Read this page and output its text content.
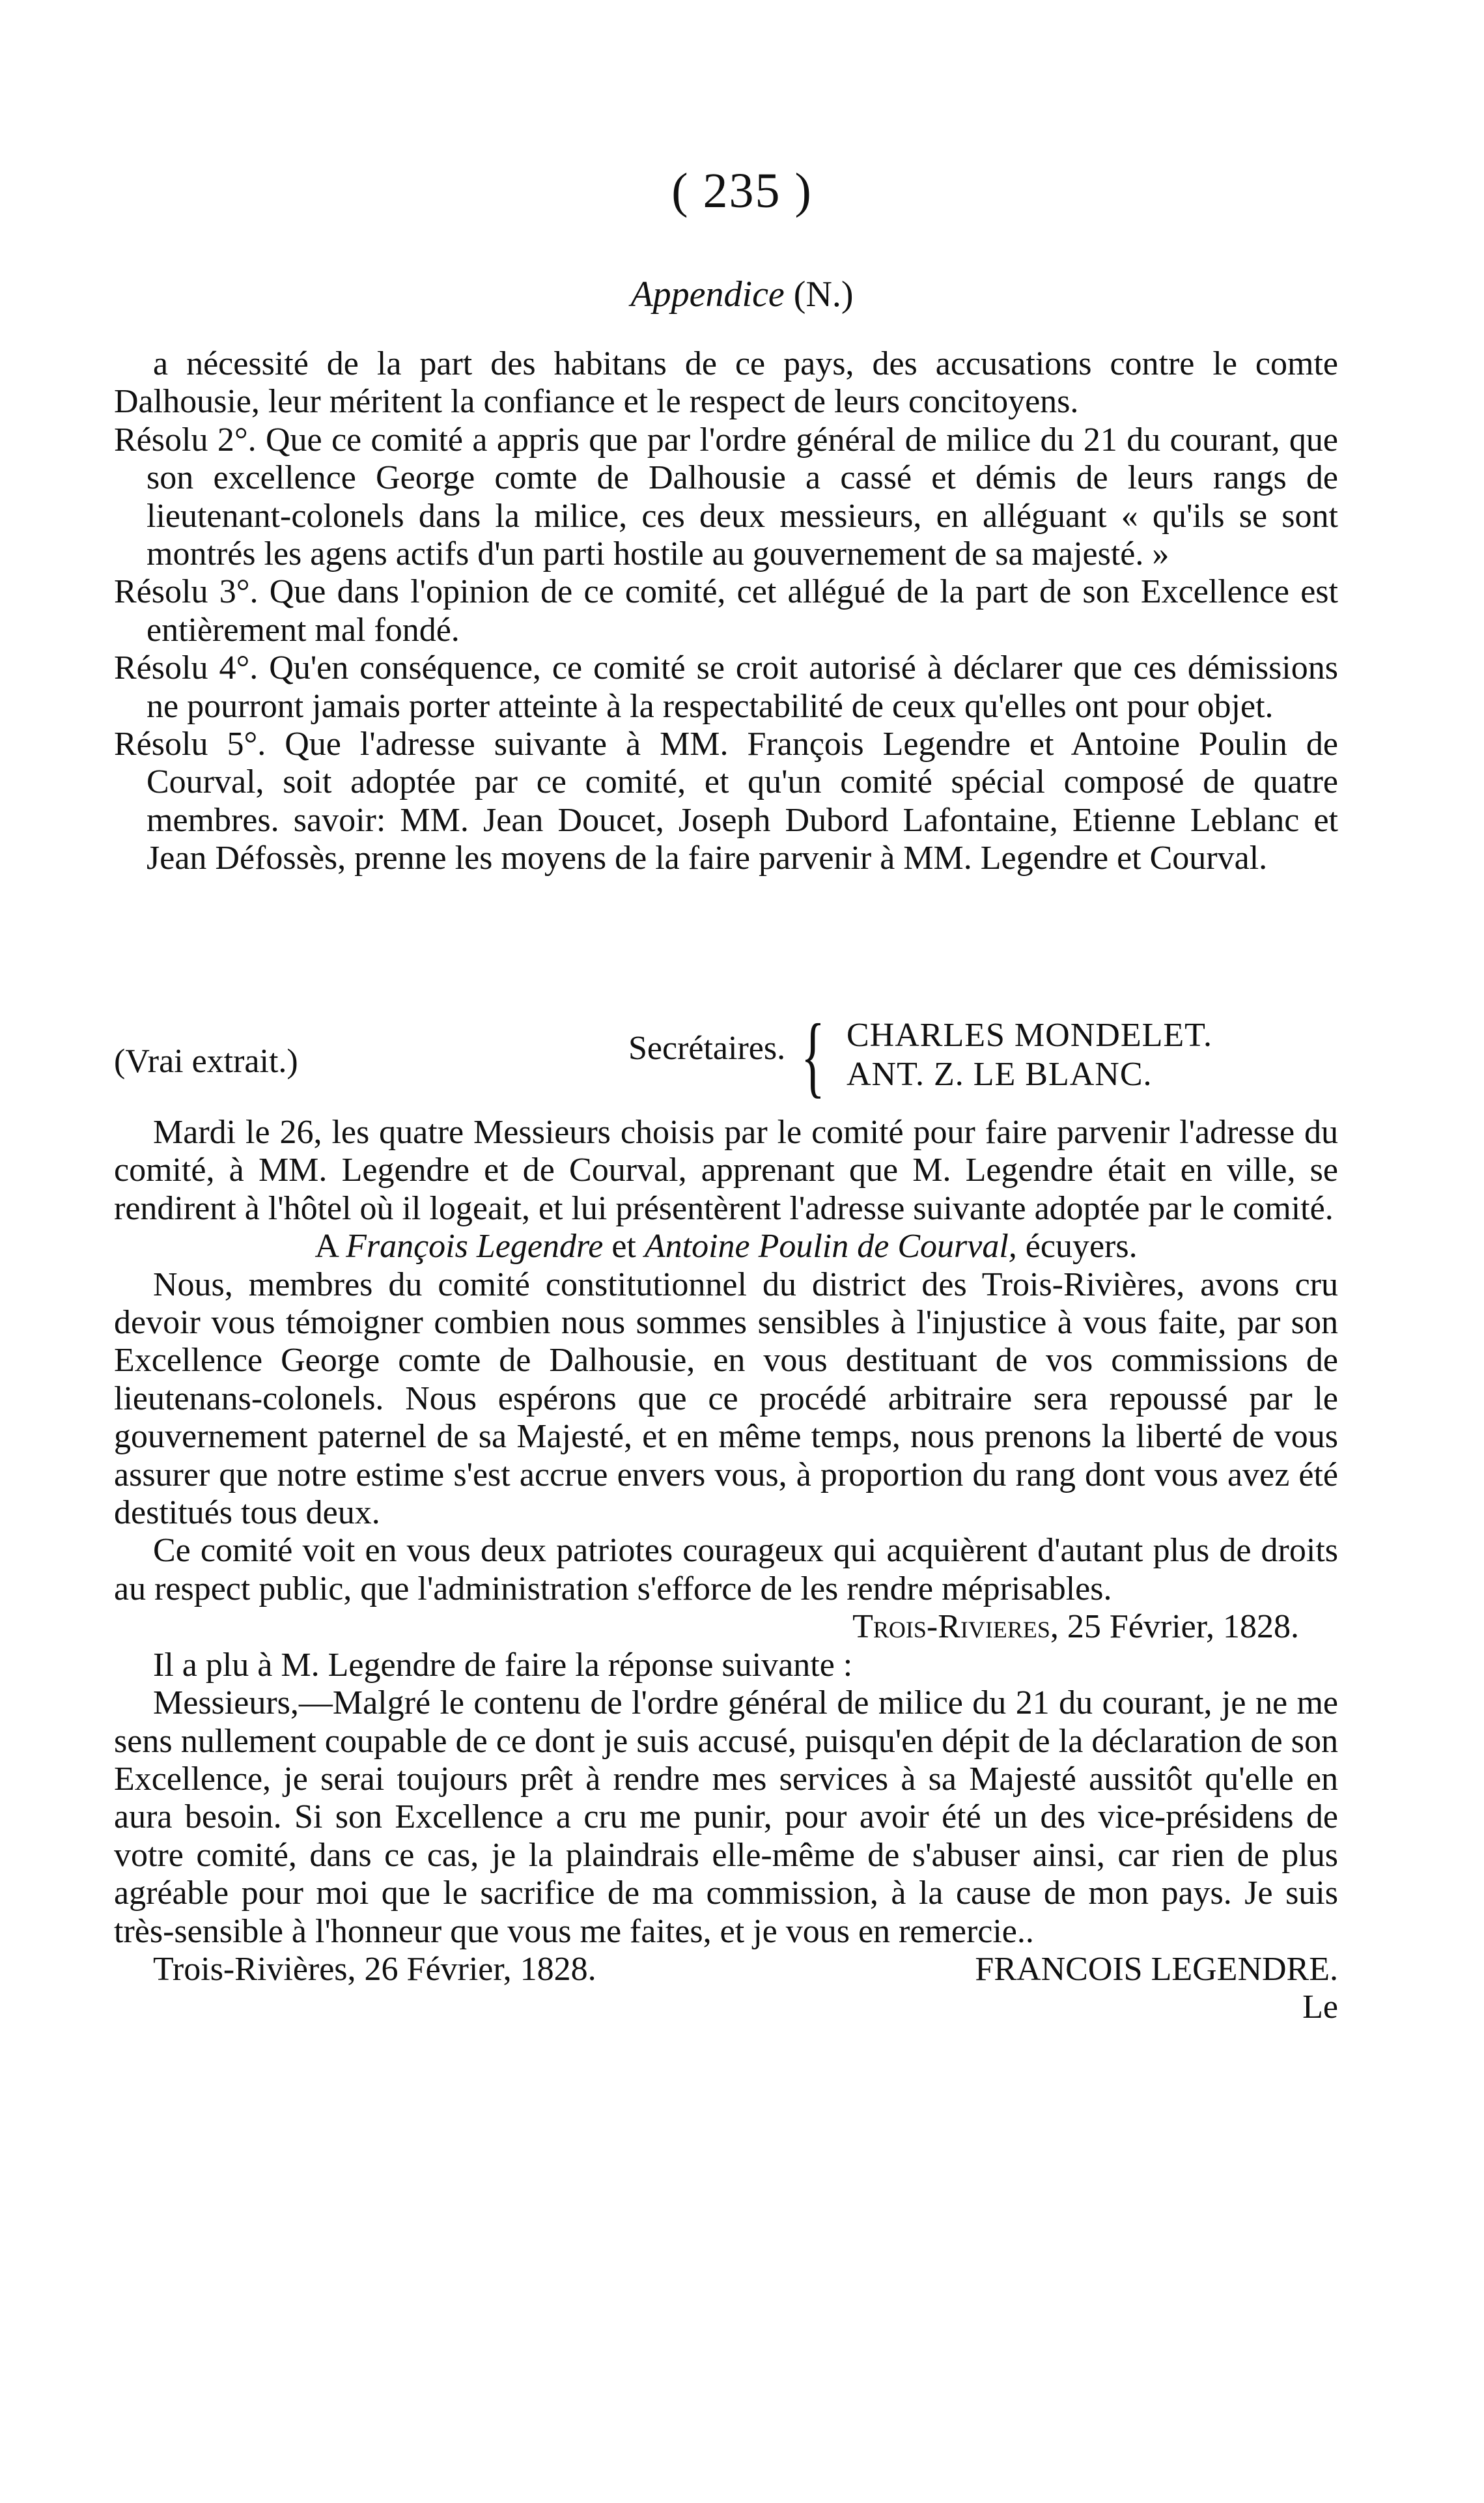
( 235 )
Appendice (N.)

a nécessité de la part des habitans de ce pays, des accusations contre le comte Dalhousie, leur méritent la confiance et le respect de leurs concitoyens.

Résolu 2°. Que ce comité a appris que par l'ordre général de milice du 21 du courant, que son excellence George comte de Dalhousie a cassé et démis de leurs rangs de lieutenant-colonels dans la milice, ces deux messieurs, en alléguant « qu'ils se sont montrés les agens actifs d'un parti hostile au gouvernement de sa majesté. »

Résolu 3°. Que dans l'opinion de ce comité, cet allégué de la part de son Excellence est entièrement mal fondé.

Résolu 4°. Qu'en conséquence, ce comité se croit autorisé à déclarer que ces démissions ne pourront jamais porter atteinte à la respectabilité de ceux qu'elles ont pour objet.

Résolu 5°. Que l'adresse suivante à MM. François Legendre et Antoine Poulin de Courval, soit adoptée par ce comité, et qu'un comité spécial composé de quatre membres. savoir: MM. Jean Doucet, Joseph Dubord Lafontaine, Etienne Leblanc et Jean Défossès, prenne les moyens de la faire parvenir à MM. Legendre et Courval.

(Vrai extrait.)	Secrétaires. { CHARLES MONDELET.
ANT. Z. LE BLANC.

Mardi le 26, les quatre Messieurs choisis par le comité pour faire parvenir l'adresse du comité, à MM. Legendre et de Courval, apprenant que M. Legendre était en ville, se rendirent à l'hôtel où il logeait, et lui présentèrent l'adresse suivante adoptée par le comité.

A François Legendre et Antoine Poulin de Courval, écuyers.

Nous, membres du comité constitutionnel du district des Trois-Rivières, avons cru devoir vous témoigner combien nous sommes sensibles à l'injustice à vous faite, par son Excellence George comte de Dalhousie, en vous destituant de vos commissions de lieutenans-colonels. Nous espérons que ce procédé arbitraire sera repoussé par le gouvernement paternel de sa Majesté, et en même temps, nous prenons la liberté de vous assurer que notre estime s'est accrue envers vous, à proportion du rang dont vous avez été destitués tous deux.

Ce comité voit en vous deux patriotes courageux qui acquièrent d'autant plus de droits au respect public, que l'administration s'efforce de les rendre méprisables.

Trois-Rivieres, 25 Février, 1828.

Il a plu à M. Legendre de faire la réponse suivante :

Messieurs,—Malgré le contenu de l'ordre général de milice du 21 du courant, je ne me sens nullement coupable de ce dont je suis accusé, puisqu'en dépit de la déclaration de son Excellence, je serai toujours prêt à rendre mes services à sa Majesté aussitôt qu'elle en aura besoin. Si son Excellence a cru me punir, pour avoir été un des vice-présidens de votre comité, dans ce cas, je la plaindrais elle-même de s'abuser ainsi, car rien de plus agréable pour moi que le sacrifice de ma commission, à la cause de mon pays. Je suis très-sensible à l'honneur que vous me faites, et je vous en remercie..

Trois-Rivières, 26 Février, 1828.	FRANCOIS LEGENDRE.

Le
